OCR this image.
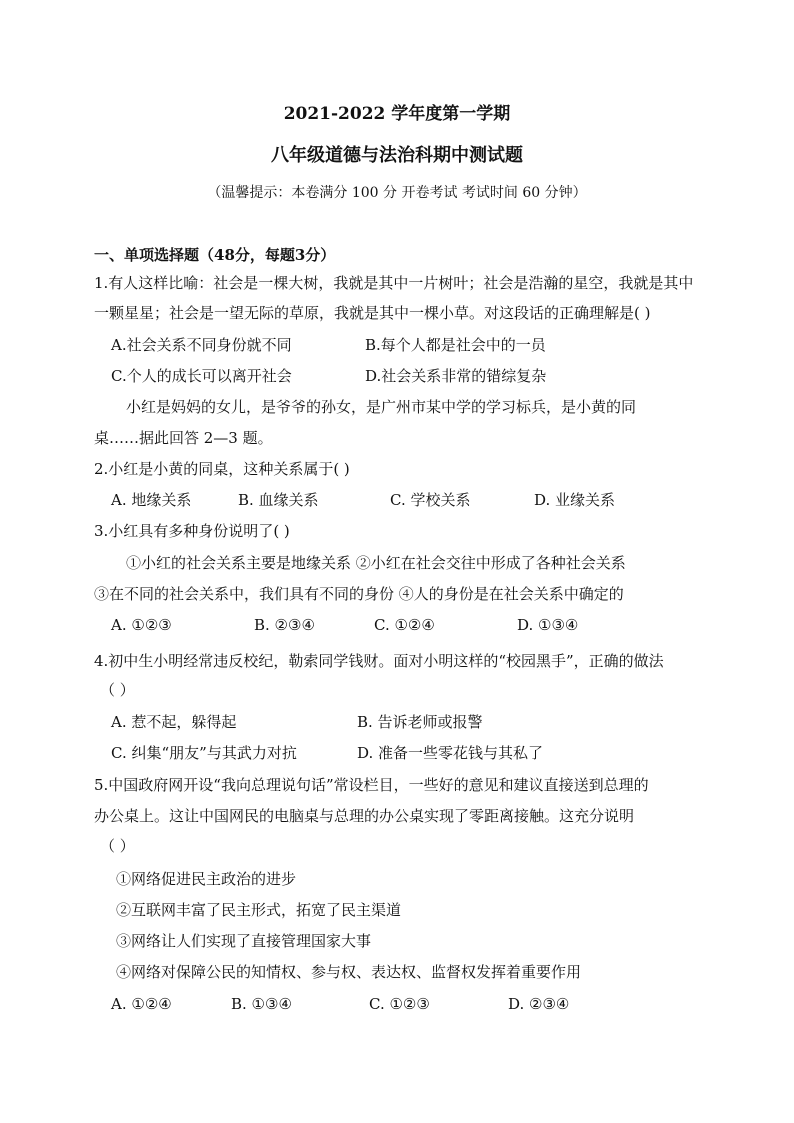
2021-2022 学年度第一学期
八年级道德与法治科期中测试题
（温馨提示：本卷满分 100 分 开卷考试 考试时间 60 分钟）
一、单项选择题（48分，每题3分）
1.有人这样比喻：社会是一棵大树，我就是其中一片树叶；社会是浩瀚的星空，我就是其中
一颗星星；社会是一望无际的草原，我就是其中一棵小草。对这段话的正确理解是( )
A.社会关系不同身份就不同	B.每个人都是社会中的一员
C.个人的成长可以离开社会	D.社会关系非常的错综复杂
小红是妈妈的女儿，是爷爷的孙女，是广州市某中学的学习标兵，是小黄的同
桌……据此回答 2—3 题。
2.小红是小黄的同桌，这种关系属于( )
A. 地缘关系	B. 血缘关系	C. 学校关系	D. 业缘关系
3.小红具有多种身份说明了( )
①小红的社会关系主要是地缘关系 ②小红在社会交往中形成了各种社会关系
③在不同的社会关系中，我们具有不同的身份 ④人的身份是在社会关系中确定的
A. ①②③	B. ②③④	C. ①②④	D. ①③④
4.初中生小明经常违反校纪，勒索同学钱财。面对小明这样的“校园黑手”，正确的做法
（ ）
A. 惹不起，躲得起	B. 告诉老师或报警
C. 纠集“朋友”与其武力对抗	D. 准备一些零花钱与其私了
5.中国政府网开设“我向总理说句话”常设栏目，一些好的意见和建议直接送到总理的
办公桌上。这让中国网民的电脑桌与总理的办公桌实现了零距离接触。这充分说明
（ ）
①网络促进民主政治的进步
②互联网丰富了民主形式，拓宽了民主渠道
③网络让人们实现了直接管理国家大事
④网络对保障公民的知情权、参与权、表达权、监督权发挥着重要作用
A. ①②④	B. ①③④	C. ①②③	D. ②③④
